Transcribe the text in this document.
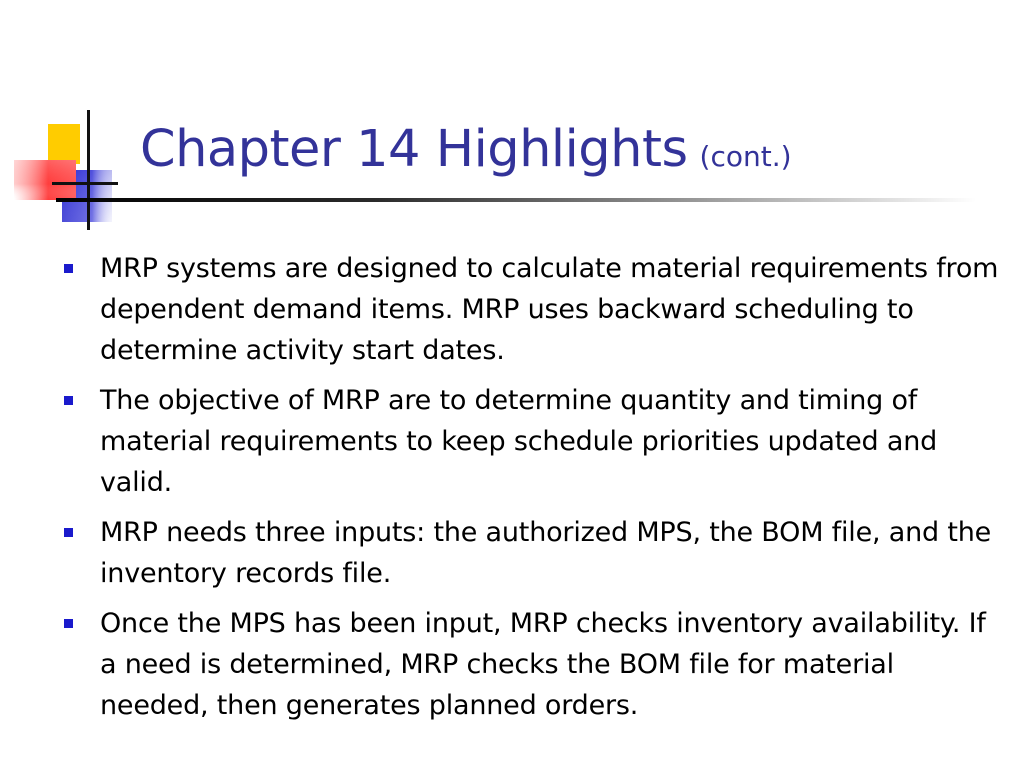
Chapter 14 Highlights (cont.)
MRP systems are designed to calculate material requirements from dependent demand items. MRP uses backward scheduling to determine activity start dates.
The objective of MRP are to determine quantity and timing of material requirements to keep schedule priorities updated and valid.
MRP needs three inputs: the authorized MPS, the BOM file, and the inventory records file.
Once the MPS has been input, MRP checks inventory availability. If a need is determined, MRP checks the BOM file for material needed, then generates planned orders.
